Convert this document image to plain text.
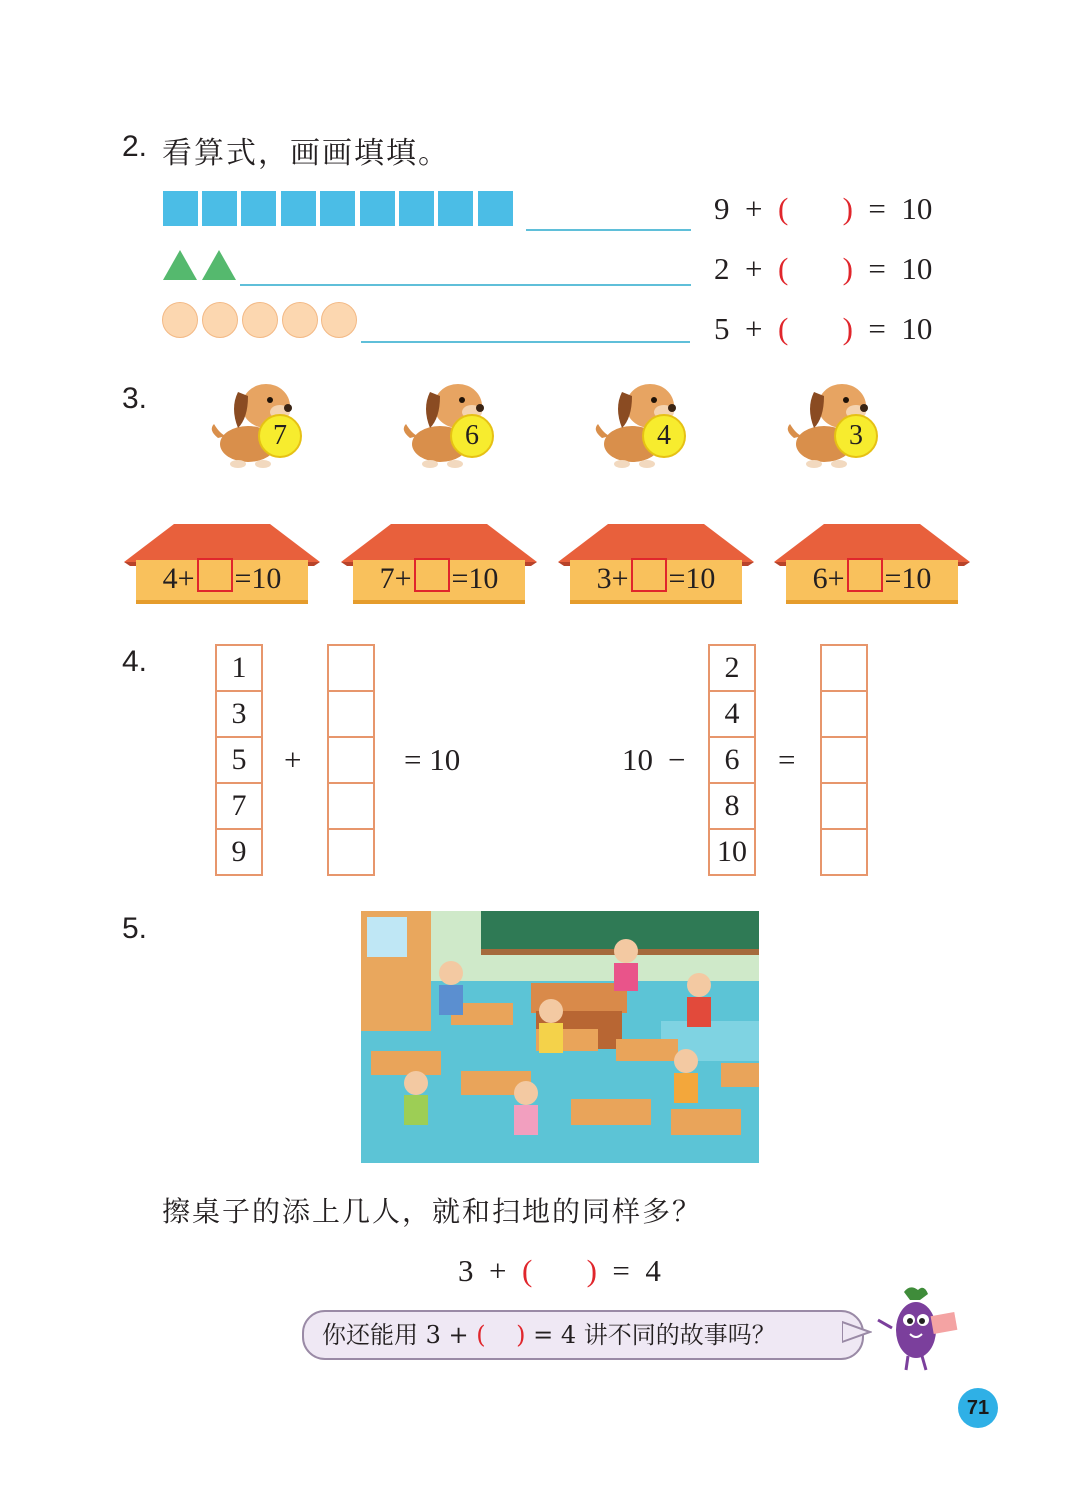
2. 看算式，画画填填。
9 + ( ) = 10
2 + ( ) = 10
5 + ( ) = 10
3.
7	6	4	3
4+ =10	7+ =10	3+ =10	6+ =10
4.	1
3
5
7
9
+	= 10	10 −
2
4
6
8
10
=
5.
擦桌子的添上几人，就和扫地的同样多？
3 + ( ) = 4
你还能用 3 + ( ) = 4 讲不同的故事吗？
71
